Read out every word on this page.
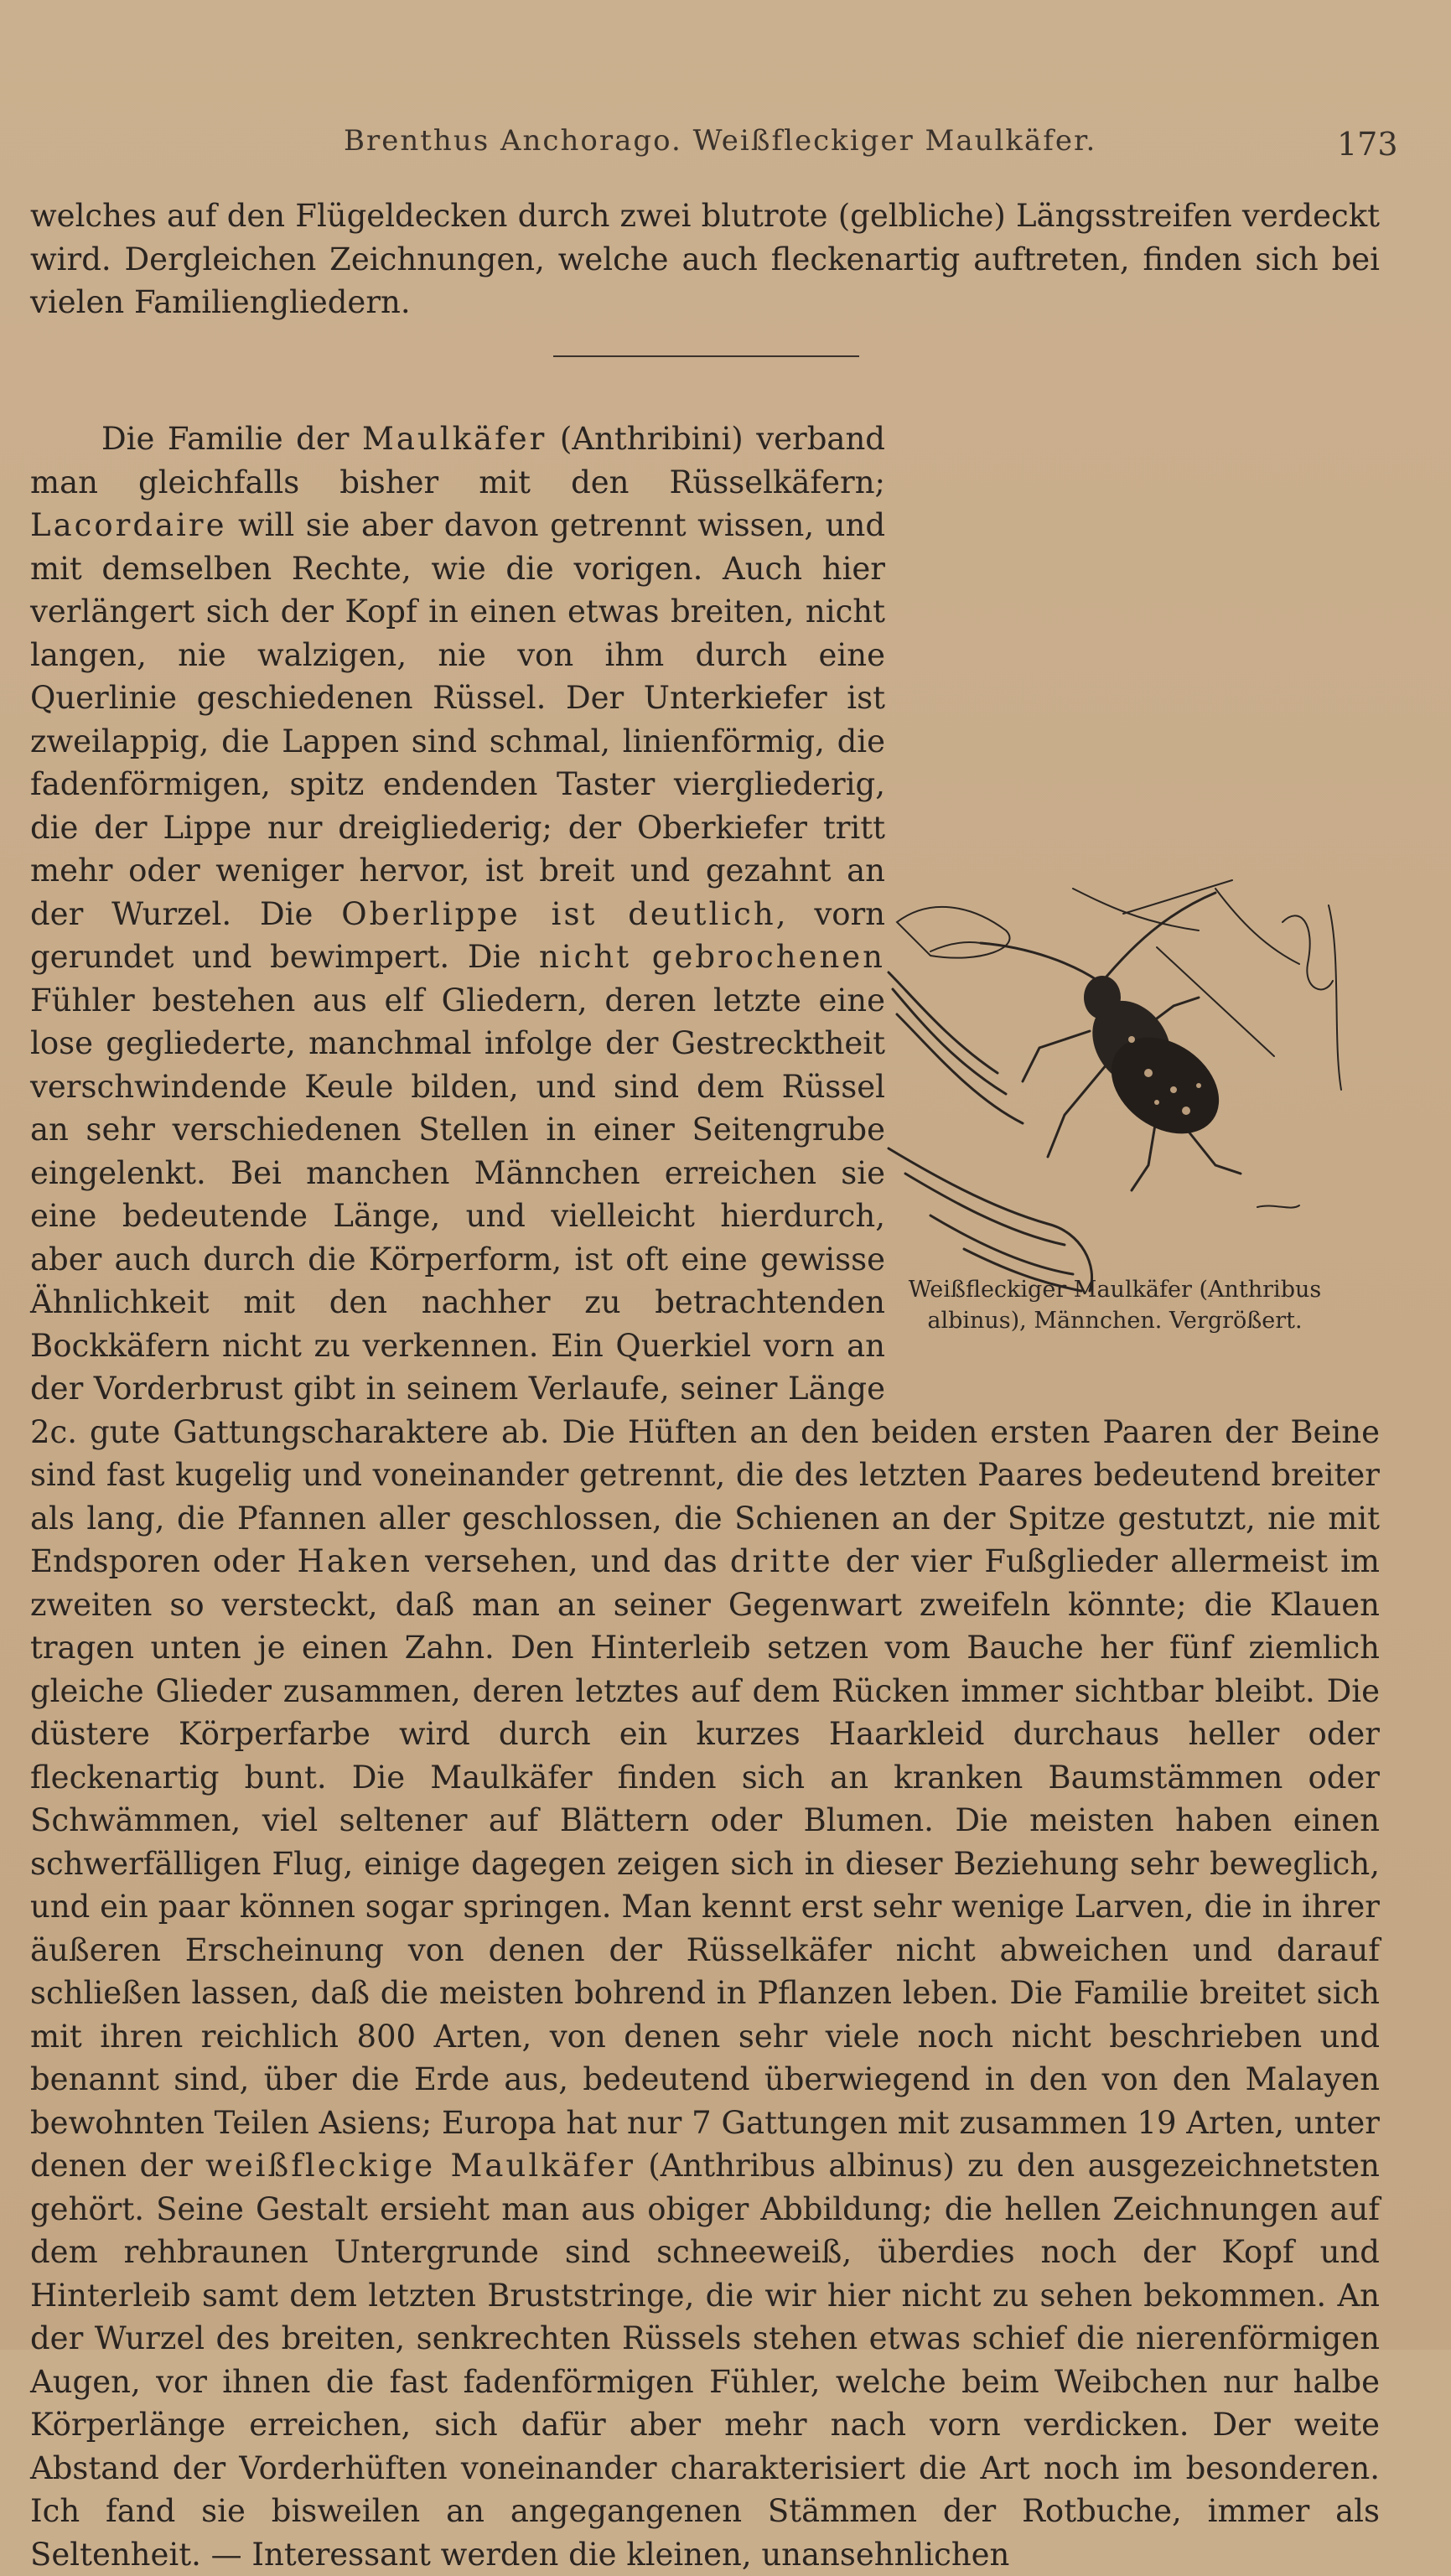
Brenthus Anchorago. Weißfleckiger Maulkäfer.	173

welches auf den Flügeldecken durch zwei blutrote (gelbliche) Längsstreifen verdeckt wird. Dergleichen Zeichnungen, welche auch fleckenartig auftreten, finden sich bei vielen Familiengliedern.

Die Familie der Maulkäfer (Anthribini) verband man gleichfalls bisher mit den Rüsselkäfern; Lacordaire will sie aber davon getrennt wissen, und mit demselben Rechte, wie die vorigen. Auch hier verlängert sich der Kopf in einen etwas breiten, nicht langen, nie walzigen, nie von ihm durch eine Querlinie geschiedenen Rüssel. Der Unterkiefer ist zweilappig, die Lappen sind schmal, linienförmig, die fadenförmigen, spitz endenden Taster viergliederig, die der Lippe nur dreigliederig; der Oberkiefer tritt mehr oder weniger hervor, ist breit und gezahnt an der Wurzel. Die Oberlippe ist deutlich, vorn gerundet und bewimpert. Die nicht gebrochenen Fühler bestehen aus elf Gliedern, deren letzte eine lose gegliederte, manchmal infolge der Gestrecktheit verschwindende Keule bilden, und sind dem Rüssel an sehr verschiedenen Stellen in einer Seitengrube eingelenkt. Bei manchen Männchen erreichen sie eine bedeutende Länge, und vielleicht hierdurch, aber auch durch die Körperform, ist oft eine gewisse Ähnlichkeit mit den nachher zu betrachtenden Bockkäfern nicht zu verkennen. Ein Querkiel vorn an der Vorderbrust gibt in seinem Verlaufe, seiner Länge 2c. gute Gattungscharaktere ab. Die Hüften an den beiden ersten Paaren der Beine sind fast kugelig und voneinander getrennt, die des letzten Paares bedeutend breiter als lang, die Pfannen aller geschlossen, die Schienen an der Spitze gestutzt, nie mit Endsporen oder Haken versehen, und das dritte der vier Fußglieder allermeist im zweiten so versteckt, daß man an seiner Gegenwart zweifeln könnte; die Klauen tragen unten je einen Zahn. Den Hinterleib setzen vom Bauche her fünf ziemlich gleiche Glieder zusammen, deren letztes auf dem Rücken immer sichtbar bleibt. Die düstere Körperfarbe wird durch ein kurzes Haarkleid durchaus heller oder fleckenartig bunt. Die Maulkäfer finden sich an kranken Baumstämmen oder Schwämmen, viel seltener auf Blättern oder Blumen. Die meisten haben einen schwerfälligen Flug, einige dagegen zeigen sich in dieser Beziehung sehr beweglich, und ein paar können sogar springen. Man kennt erst sehr wenige Larven, die in ihrer äußeren Erscheinung von denen der Rüsselkäfer nicht abweichen und darauf schließen lassen, daß die meisten bohrend in Pflanzen leben. Die Familie breitet sich mit ihren reichlich 800 Arten, von denen sehr viele noch nicht beschrieben und benannt sind, über die Erde aus, bedeutend überwiegend in den von den Malayen bewohnten Teilen Asiens; Europa hat nur 7 Gattungen mit zusammen 19 Arten, unter denen der weißfleckige Maulkäfer (Anthribus albinus) zu den ausgezeichnetsten gehört. Seine Gestalt ersieht man aus obiger Abbildung; die hellen Zeichnungen auf dem rehbraunen Untergrunde sind schneeweiß, überdies noch der Kopf und Hinterleib samt dem letzten Bruststringe, die wir hier nicht zu sehen bekommen. An der Wurzel des breiten, senkrechten Rüssels stehen etwas schief die nierenförmigen Augen, vor ihnen die fast fadenförmigen Fühler, welche beim Weibchen nur halbe Körperlänge erreichen, sich dafür aber mehr nach vorn verdicken. Der weite Abstand der Vorderhüften voneinander charakterisiert die Art noch im besonderen. Ich fand sie bisweilen an angegangenen Stämmen der Rotbuche, immer als Seltenheit. — Interessant werden die kleinen, unansehnlichen

Weißfleckiger Maulkäfer (Anthribus albinus), Männchen. Vergrößert.
